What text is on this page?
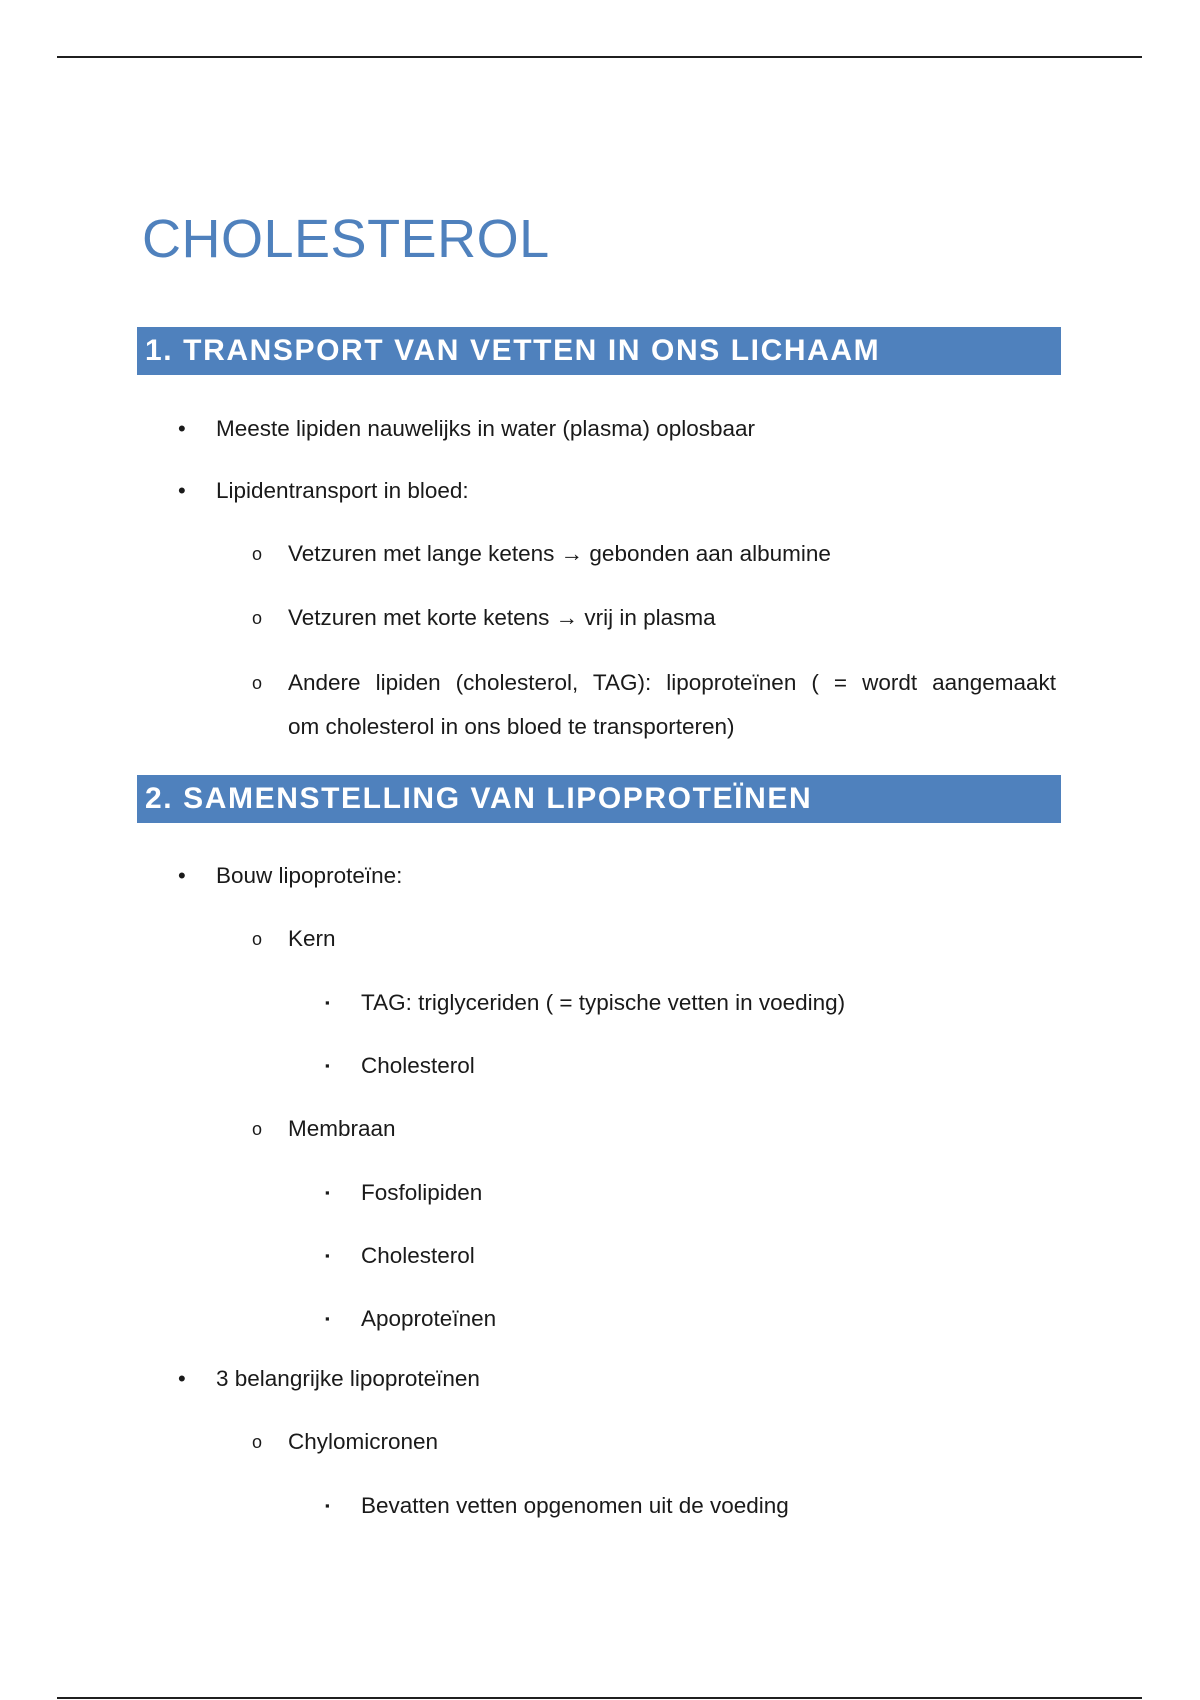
CHOLESTEROL
1. TRANSPORT VAN VETTEN IN ONS LICHAAM
• Meeste lipiden nauwelijks in water (plasma) oplosbaar
• Lipidentransport in bloed:
o Vetzuren met lange ketens → gebonden aan albumine
o Vetzuren met korte ketens → vrij in plasma
o Andere lipiden (cholesterol, TAG): lipoproteïnen ( = wordt aangemaakt
om cholesterol in ons bloed te transporteren)
2. SAMENSTELLING VAN LIPOPROTEÏNEN
• Bouw lipoproteïne:
o Kern
▪ TAG: triglyceriden ( = typische vetten in voeding)
▪ Cholesterol
o Membraan
▪ Fosfolipiden
▪ Cholesterol
▪ Apoproteïnen
• 3 belangrijke lipoproteïnen
o Chylomicronen
▪ Bevatten vetten opgenomen uit de voeding
